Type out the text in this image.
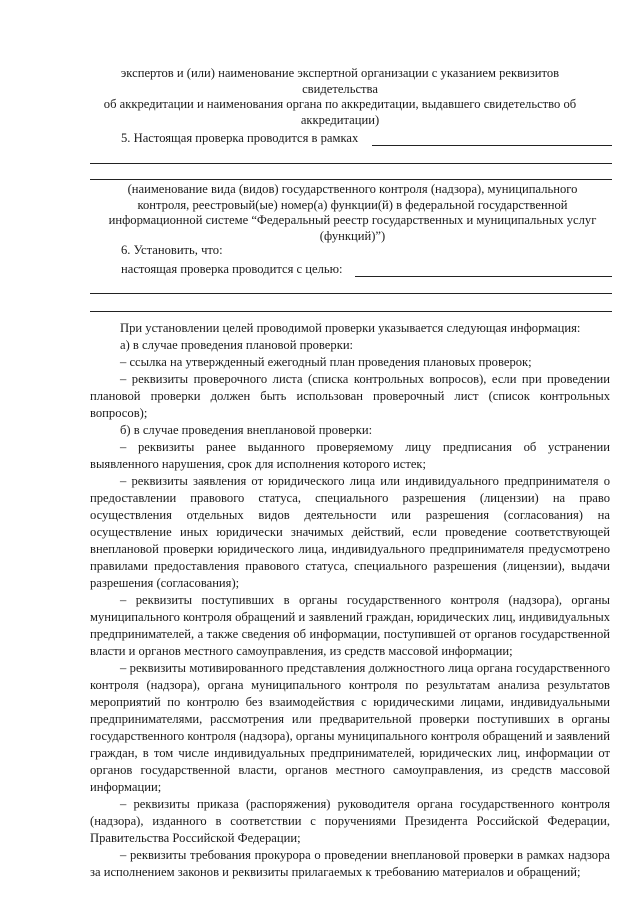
экспертов и (или) наименование экспертной организации с указанием реквизитов
свидетельства
об аккредитации и наименования органа по аккредитации, выдавшего свидетельство об
аккредитации)
5. Настоящая проверка проводится в рамках
(наименование вида (видов) государственного контроля (надзора), муниципального
контроля, реестровый(ые) номер(а) функции(й) в федеральной государственной
информационной системе “Федеральный реестр государственных и муниципальных услуг
(функций)”)
6. Установить, что:
настоящая проверка проводится с целью:
При установлении целей проводимой проверки указывается следующая информация:
а) в случае проведения плановой проверки:
– ссылка на утвержденный ежегодный план проведения плановых проверок;
– реквизиты проверочного листа (списка контрольных вопросов), если при проведении плановой проверки должен быть использован проверочный лист (список контрольных вопросов);
б) в случае проведения внеплановой проверки:
– реквизиты ранее выданного проверяемому лицу предписания об устранении выявленного нарушения, срок для исполнения которого истек;
– реквизиты заявления от юридического лица или индивидуального предпринимателя о предоставлении правового статуса, специального разрешения (лицензии) на право осуществления отдельных видов деятельности или разрешения (согласования) на осуществление иных юридически значимых действий, если проведение соответствующей внеплановой проверки юридического лица, индивидуального предпринимателя предусмотрено правилами предоставления правового статуса, специального разрешения (лицензии), выдачи разрешения (согласования);
– реквизиты поступивших в органы государственного контроля (надзора), органы муниципального контроля обращений и заявлений граждан, юридических лиц, индивидуальных предпринимателей, а также сведения об информации, поступившей от органов государственной власти и органов местного самоуправления, из средств массовой информации;
– реквизиты мотивированного представления должностного лица органа государственного контроля (надзора), органа муниципального контроля по результатам анализа результатов мероприятий по контролю без взаимодействия с юридическими лицами, индивидуальными предпринимателями, рассмотрения или предварительной проверки поступивших в органы государственного контроля (надзора), органы муниципального контроля обращений и заявлений граждан, в том числе индивидуальных предпринимателей, юридических лиц, информации от органов государственной власти, органов местного самоуправления, из средств массовой информации;
– реквизиты приказа (распоряжения) руководителя органа государственного контроля (надзора), изданного в соответствии с поручениями Президента Российской Федерации, Правительства Российской Федерации;
– реквизиты требования прокурора о проведении внеплановой проверки в рамках надзора за исполнением законов и реквизиты прилагаемых к требованию материалов и обращений;
